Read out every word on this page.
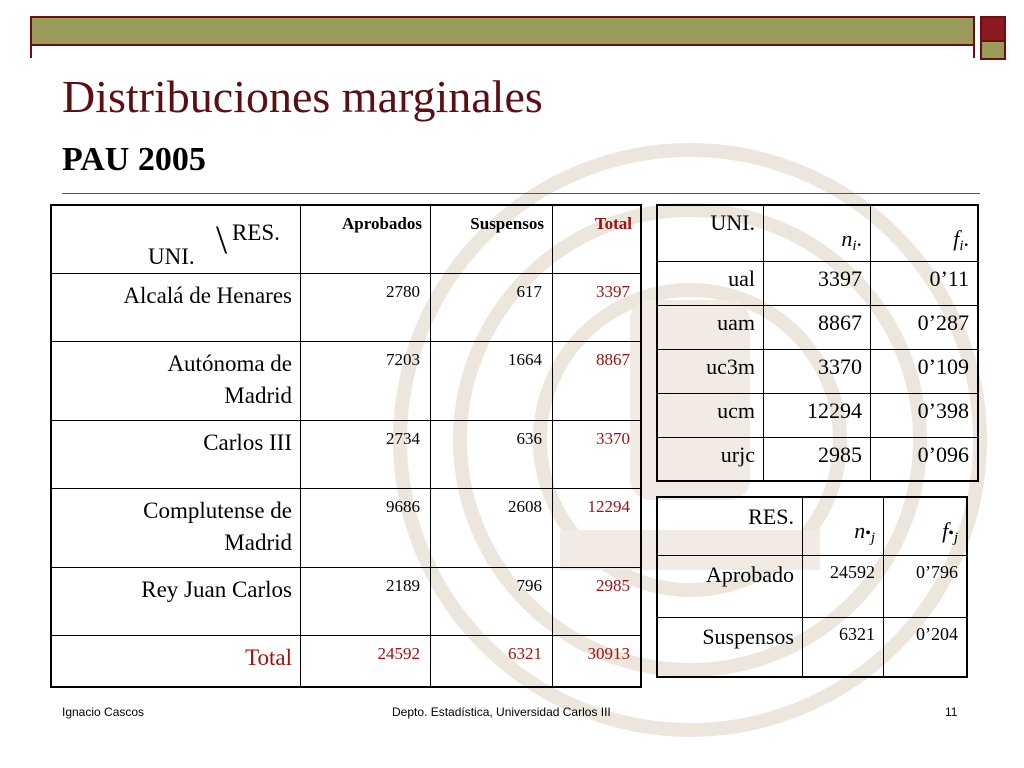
Distribuciones marginales
PAU 2005
UNI. \ RES.	Aprobados	Suspensos	Total
Alcalá de Henares	2780	617	3397
Autónoma de
Madrid	7203	1664	8867
Carlos III	2734	636	3370
Complutense de
Madrid	9686	2608	12294
Rey Juan Carlos	2189	796	2985
Total	24592	6321	30913
UNI.	$n_i$.	$f_i$.
ual	3397	0’11
uam	8867	0’287
uc3m	3370	0’109
ucm	12294	0’398
urjc	2985	0’096
RES.	n•j	f•j
Aprobado	24592	0’796
Suspensos	6321	0’204
Ignacio Cascos	Depto. Estadística, Universidad Carlos III	11
